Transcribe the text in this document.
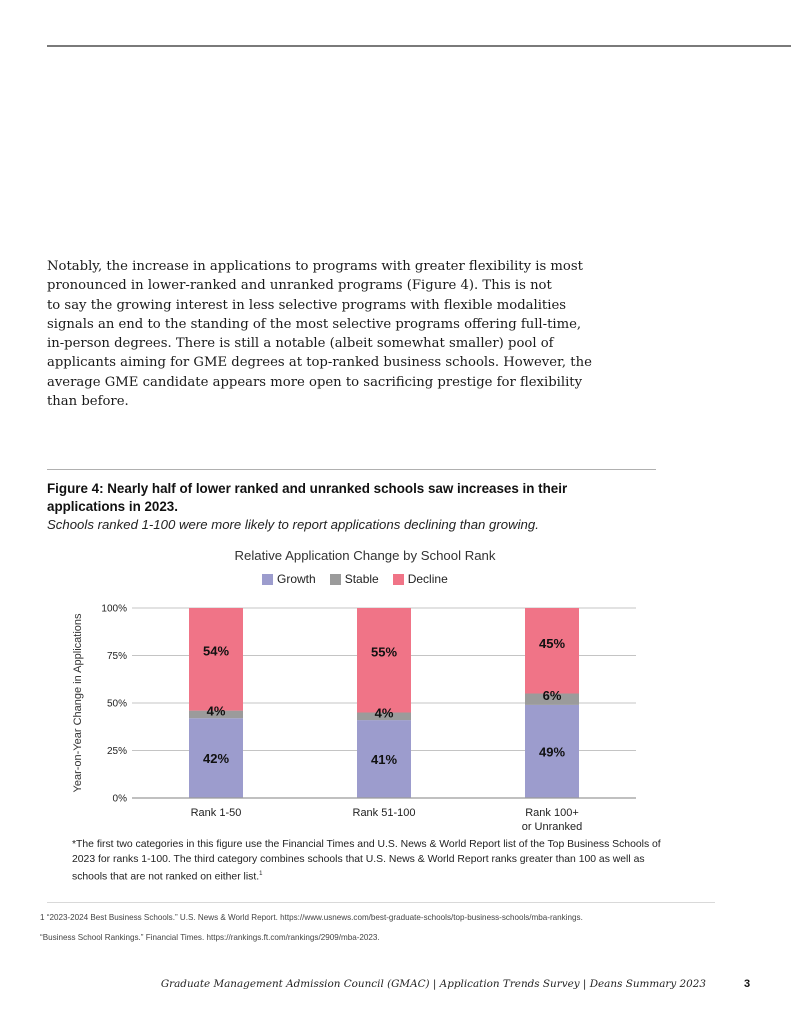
Notably, the increase in applications to programs with greater flexibility is most
pronounced in lower-ranked and unranked programs (Figure 4). This is not
to say the growing interest in less selective programs with flexible modalities
signals an end to the standing of the most selective programs offering full-time,
in-person degrees. There is still a notable (albeit somewhat smaller) pool of
applicants aiming for GME degrees at top-ranked business schools. However, the
average GME candidate appears more open to sacrificing prestige for flexibility
than before.
Figure 4: Nearly half of lower ranked and unranked schools saw increases in their applications in 2023.
Schools ranked 1-100 were more likely to report applications declining than growing.
Relative Application Change by School Rank
Growth Stable Decline
0%
25%
50%
75%
100%
Year-on-Year Change in Applications	42%
4%
54%
Rank 1-50
41%
4%
55%
Rank 51-100
49%
6%
45%
Rank 100+
or Unranked
*The first two categories in this figure use the Financial Times and U.S. News & World Report list of the Top Business Schools of 2023 for ranks 1-100. The third category combines schools that U.S. News & World Report ranks greater than 100 as well as schools that are not ranked on either list.$^1$
1 “2023-2024 Best Business Schools.” U.S. News & World Report. https://www.usnews.com/best-graduate-schools/top-business-schools/mba-rankings.
“Business School Rankings.” Financial Times. https://rankings.ft.com/rankings/2909/mba-2023.
Graduate Management Admission Council (GMAC) | Application Trends Survey | Deans Summary 2023	3
